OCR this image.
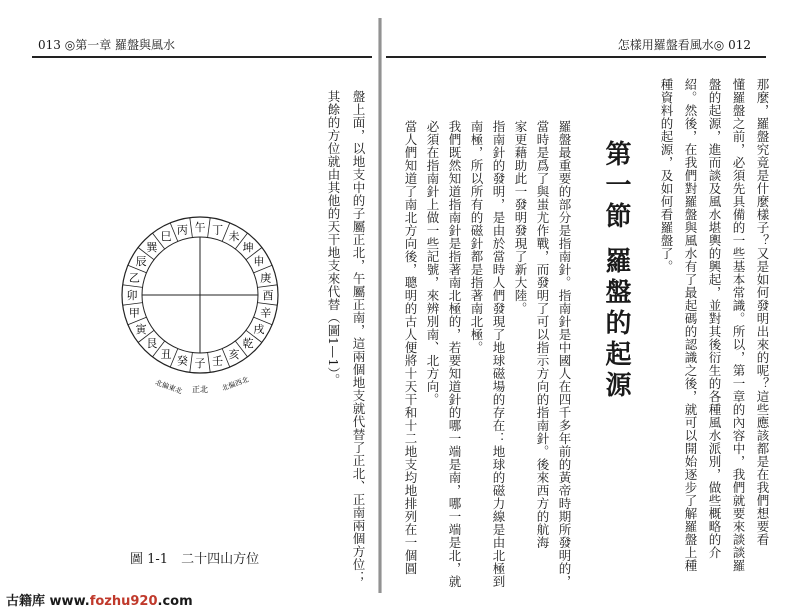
013 ◎第一章 羅盤與風水
盤上面，以地支中的子屬正北，午屬正南，這兩個地支就代替了正北、正南兩個方位；
其餘的方位就由其他的天干地支來代替（圖1—1）。
子
癸
丑
艮
寅
甲
卯
乙
辰
巽
巳
丙 午 丁
未
坤
申
庚
酉
辛
戌
乾
亥
壬
正北
北偏東北	北偏西北
圖 1-1　二十四山方位
怎樣用羅盤看風水◎ 012
那麼，羅盤究竟是什麼樣子？又是如何發明出來的呢？這些應該都是在我們想要看
懂羅盤之前，必須先具備的一些基本常識。所以，第一章的內容中，我們就要來談談羅
盤的起源，進而談及風水堪輿的興起，並對其後衍生的各種風水派別，做些概略的介
紹。然後，在我們對羅盤與風水有了最起碼的認識之後，就可以開始逐步了解羅盤上種
種資料的起源，及如何看羅盤了。
第一節羅盤的起源
羅盤最重要的部分是指南針。指南針是中國人在四千多年前的黃帝時期所發明的，
當時是爲了與蚩尤作戰，而發明了可以指示方向的指南針。後來西方的航海
家更藉助此一發明發現了新大陸。
指南針的發明，是由於當時人們發現了地球磁場的存在：地球的磁力線是由北極到
南極，所以所有的磁針都是指著南北極。
我們既然知道指南針是指著南北極的，若要知道針的哪一端是南，哪一端是北，就
必須在指南針上做一些記號，來辨別南、北方向。
當人們知道了南北方向後，聰明的古人便將十天干和十二地支均地排列在一個圓
古籍库 www.fozhu920.com
